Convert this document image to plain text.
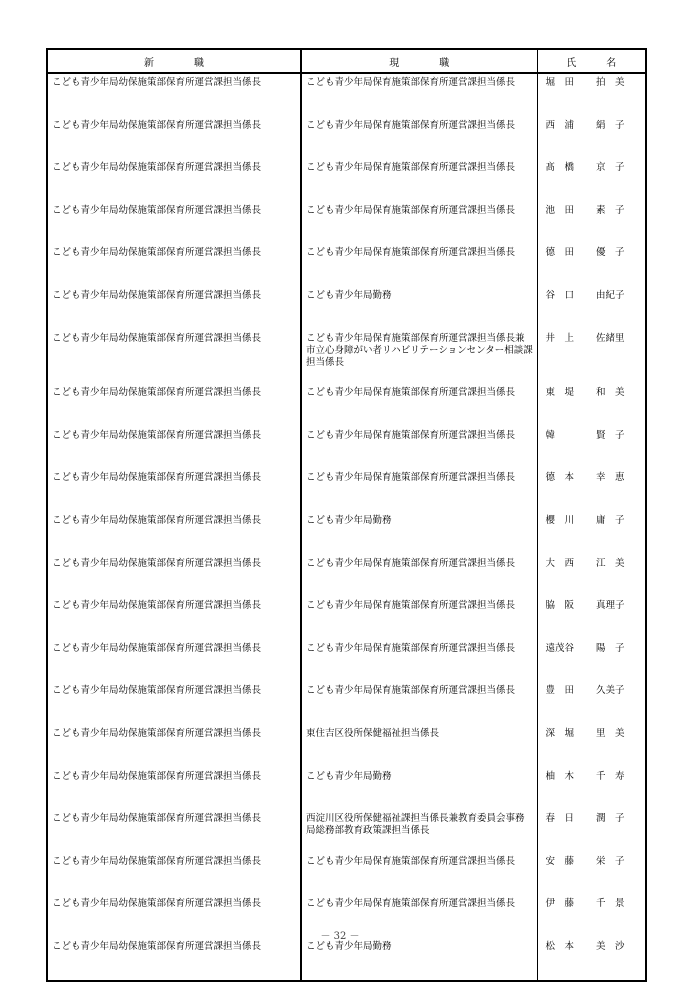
新　　　　職	現　　　　職	氏　　　名
こども青少年局幼保施策部保育所運営課担当係長	こども青少年局保育施策部保育所運営課担当係長	堀　田　　 拍　美

こども青少年局幼保施策部保育所運営課担当係長	こども青少年局保育施策部保育所運営課担当係長	西　浦　　 絹　子

こども青少年局幼保施策部保育所運営課担当係長	こども青少年局保育施策部保育所運営課担当係長	髙　橋　　 京　子

こども青少年局幼保施策部保育所運営課担当係長	こども青少年局保育施策部保育所運営課担当係長	池　田　　 素　子

こども青少年局幼保施策部保育所運営課担当係長	こども青少年局保育施策部保育所運営課担当係長	德　田　　 優　子

こども青少年局幼保施策部保育所運営課担当係長	こども青少年局勤務	谷　口　　 由紀子

こども青少年局幼保施策部保育所運営課担当係長	こども青少年局保育施策部保育所運営課担当係長兼市立心身障がい者リハビリテーションセンター相談課担当係長	井　上　　 佐緒里

こども青少年局幼保施策部保育所運営課担当係長	こども青少年局保育施策部保育所運営課担当係長	東　堤　　 和　美

こども青少年局幼保施策部保育所運営課担当係長	こども青少年局保育施策部保育所運営課担当係長	韓　　　　 賢　子

こども青少年局幼保施策部保育所運営課担当係長	こども青少年局保育施策部保育所運営課担当係長	德　本　　 幸　恵

こども青少年局幼保施策部保育所運営課担当係長	こども青少年局勤務	櫻　川　　 庸　子

こども青少年局幼保施策部保育所運営課担当係長	こども青少年局保育施策部保育所運営課担当係長	大　西　　 江　美

こども青少年局幼保施策部保育所運営課担当係長	こども青少年局保育施策部保育所運営課担当係長	脇　阪　　 真理子

こども青少年局幼保施策部保育所運営課担当係長	こども青少年局保育施策部保育所運営課担当係長	遠茂谷　　 陽　子

こども青少年局幼保施策部保育所運営課担当係長	こども青少年局保育施策部保育所運営課担当係長	豊　田　　 久美子

こども青少年局幼保施策部保育所運営課担当係長	東住吉区役所保健福祉担当係長	深　堀　　 里　美

こども青少年局幼保施策部保育所運営課担当係長	こども青少年局勤務	柚　木　　 千　寿

こども青少年局幼保施策部保育所運営課担当係長	西淀川区役所保健福祉課担当係長兼教育委員会事務局総務部教育政策課担当係長	春　日　　 潤　子

こども青少年局幼保施策部保育所運営課担当係長	こども青少年局保育施策部保育所運営課担当係長	安　藤　　 栄　子

こども青少年局幼保施策部保育所運営課担当係長	こども青少年局保育施策部保育所運営課担当係長	伊　藤　　 千　景

こども青少年局幼保施策部保育所運営課担当係長	こども青少年局勤務	松　本　　 美　沙
－ 32 －
